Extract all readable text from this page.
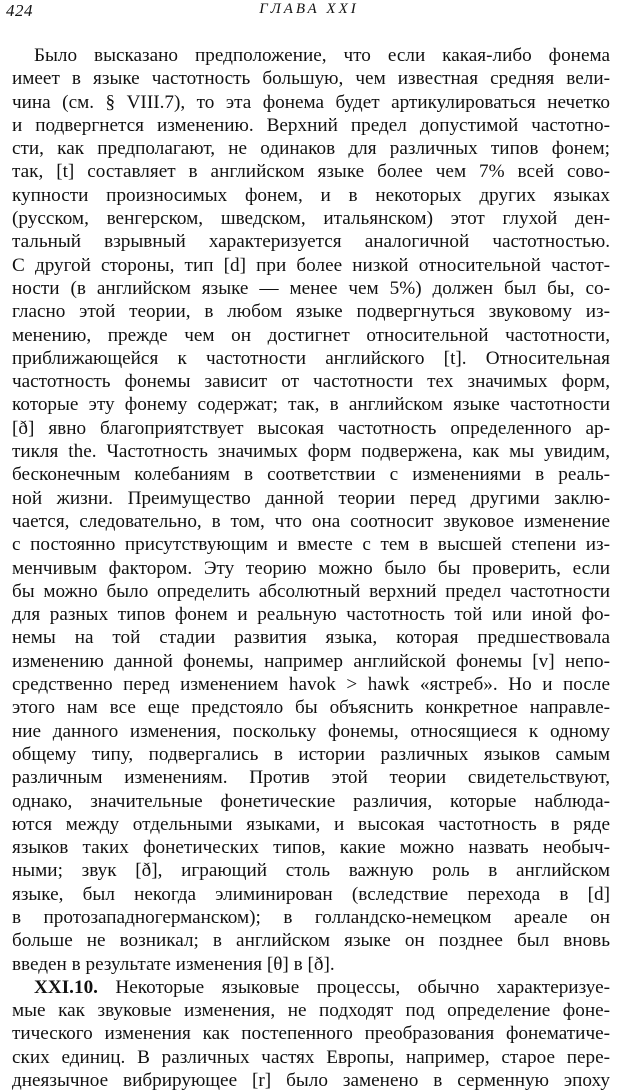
424	ГЛАВА XXI
Было высказано предположение, что если какая-либо фонема
имеет в языке частотность большую, чем известная средняя вели-
чина (см. § VIII.7), то эта фонема будет артикулироваться нечетко
и подвергнется изменению. Верхний предел допустимой частотно-
сти, как предполагают, не одинаков для различных типов фонем;
так, [t] составляет в английском языке более чем 7% всей сово-
купности произносимых фонем, и в некоторых других языках
(русском, венгерском, шведском, итальянском) этот глухой ден-
тальный взрывный характеризуется аналогичной частотностью.
С другой стороны, тип [d] при более низкой относительной частот-
ности (в английском языке — менее чем 5%) должен был бы, со-
гласно этой теории, в любом языке подвергнуться звуковому из-
менению, прежде чем он достигнет относительной частотности,
приближающейся к частотности английского [t]. Относительная
частотность фонемы зависит от частотности тех значимых форм,
которые эту фонему содержат; так, в английском языке частотности
[ð] явно благоприятствует высокая частотность определенного ар-
тикля the. Частотность значимых форм подвержена, как мы увидим,
бесконечным колебаниям в соответствии с изменениями в реаль-
ной жизни. Преимущество данной теории перед другими заклю-
чается, следовательно, в том, что она соотносит звуковое изменение
с постоянно присутствующим и вместе с тем в высшей степени из-
менчивым фактором. Эту теорию можно было бы проверить, если
бы можно было определить абсолютный верхний предел частотности
для разных типов фонем и реальную частотность той или иной фо-
немы на той стадии развития языка, которая предшествовала
изменению данной фонемы, например английской фонемы [v] непо-
средственно перед изменением havok > hawk «ястреб». Но и после
этого нам все еще предстояло бы объяснить конкретное направле-
ние данного изменения, поскольку фонемы, относящиеся к одному
общему типу, подвергались в истории различных языков самым
различным изменениям. Против этой теории свидетельствуют,
однако, значительные фонетические различия, которые наблюда-
ются между отдельными языками, и высокая частотность в ряде
языков таких фонетических типов, какие можно назвать необыч-
ными; звук [ð], играющий столь важную роль в английском
языке, был некогда элиминирован (вследствие перехода в [d]
в протозападногерманском); в голландско-немецком ареале он
больше не возникал; в английском языке он позднее был вновь
введен в результате изменения [θ] в [ð].
XXI.10. Некоторые языковые процессы, обычно характеризуе-
мые как звуковые изменения, не подходят под определение фоне-
тического изменения как постепенного преобразования фонематиче-
ских единиц. В различных частях Европы, например, старое пере-
днеязычное вибрирующее [r] было заменено в серменную эпоху
